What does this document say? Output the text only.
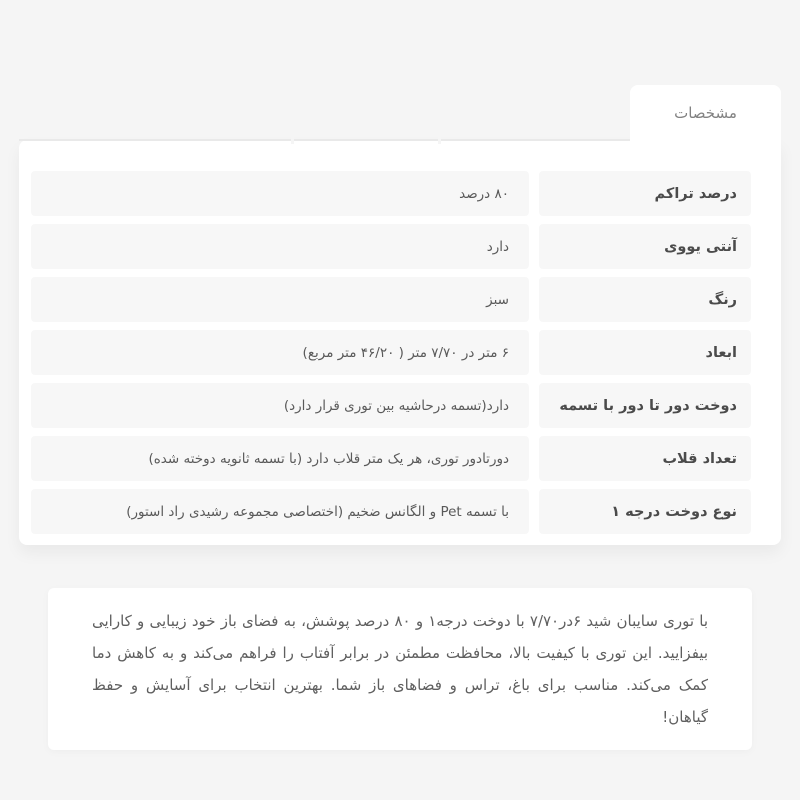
مشخصات
درصد تراکم
۸۰ درصد
آنتی یووی
دارد
رنگ
سبز
ابعاد
۶ متر در ۷/۷۰ متر ( ۴۶/۲۰ متر مربع)
دوخت دور تا دور با تسمه
دارد(تسمه درحاشیه بین توری قرار دارد)
تعداد قلاب
دورتادور توری، هر یک متر قلاب دارد (با تسمه ثانویه دوخته شده)
نوع دوخت درجه ۱
با تسمه Pet و الگانس ضخیم (اختصاصی مجموعه رشیدی راد استور)

با توری سایبان شید ۶در۷/۷۰ با دوخت درجه۱ و ۸۰ درصد پوشش، به فضای باز خود زیبایی و کارایی بیفزایید. این توری با کیفیت بالا، محافظت مطمئن در برابر آفتاب را فراهم می‌کند و به کاهش دما کمک می‌کند. مناسب برای باغ، تراس و فضاهای باز شما. بهترین انتخاب برای آسایش و حفظ گیاهان!
